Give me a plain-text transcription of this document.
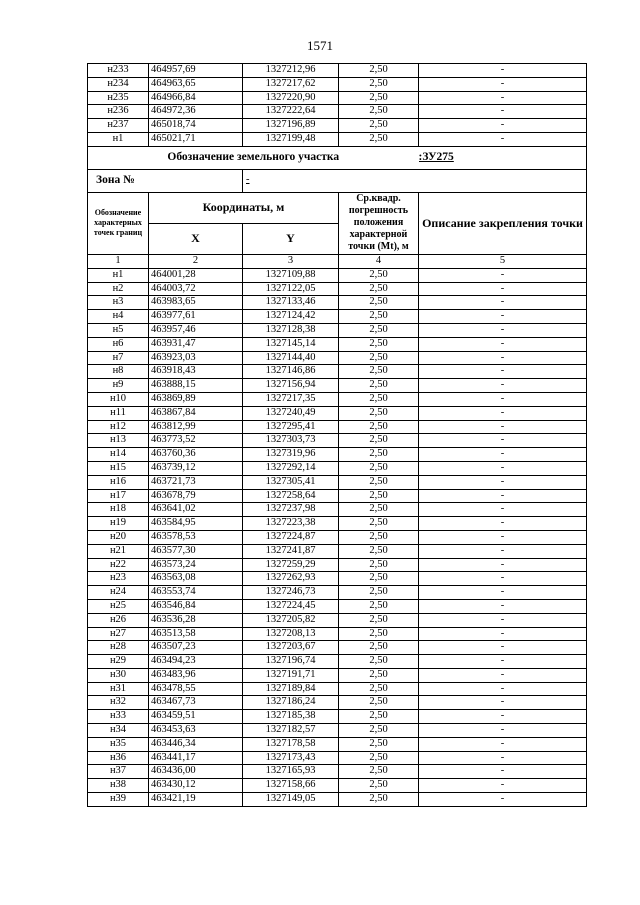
1571
н233	464957,69	1327212,96	2,50	-
н234	464963,65	1327217,62	2,50	-
н235	464966,84	1327220,90	2,50	-
н236	464972,36	1327222,64	2,50	-
н237	465018,74	1327196,89	2,50	-
н1	465021,71	1327199,48	2,50	-
Обозначение земельного участка				:ЗУ275
Зона №		-		
Обозначение характерных точек границ	Координаты, м		Ср.квадр. погрешность положения характерной точки (Mt), м	Описание закрепления точки
	X	Y		
1	2	3	4	5
н1	464001,28	1327109,88	2,50	-
н2	464003,72	1327122,05	2,50	-
н3	463983,65	1327133,46	2,50	-
н4	463977,61	1327124,42	2,50	-
н5	463957,46	1327128,38	2,50	-
н6	463931,47	1327145,14	2,50	-
н7	463923,03	1327144,40	2,50	-
н8	463918,43	1327146,86	2,50	-
н9	463888,15	1327156,94	2,50	-
н10	463869,89	1327217,35	2,50	-
н11	463867,84	1327240,49	2,50	-
н12	463812,99	1327295,41	2,50	-
н13	463773,52	1327303,73	2,50	-
н14	463760,36	1327319,96	2,50	-
н15	463739,12	1327292,14	2,50	-
н16	463721,73	1327305,41	2,50	-
н17	463678,79	1327258,64	2,50	-
н18	463641,02	1327237,98	2,50	-
н19	463584,95	1327223,38	2,50	-
н20	463578,53	1327224,87	2,50	-
н21	463577,30	1327241,87	2,50	-
н22	463573,24	1327259,29	2,50	-
н23	463563,08	1327262,93	2,50	-
н24	463553,74	1327246,73	2,50	-
н25	463546,84	1327224,45	2,50	-
н26	463536,28	1327205,82	2,50	-
н27	463513,58	1327208,13	2,50	-
н28	463507,23	1327203,67	2,50	-
н29	463494,23	1327196,74	2,50	-
н30	463483,96	1327191,71	2,50	-
н31	463478,55	1327189,84	2,50	-
н32	463467,73	1327186,24	2,50	-
н33	463459,51	1327185,38	2,50	-
н34	463453,63	1327182,57	2,50	-
н35	463446,34	1327178,58	2,50	-
н36	463441,17	1327173,43	2,50	-
н37	463436,00	1327165,93	2,50	-
н38	463430,12	1327158,66	2,50	-
н39	463421,19	1327149,05	2,50	-
